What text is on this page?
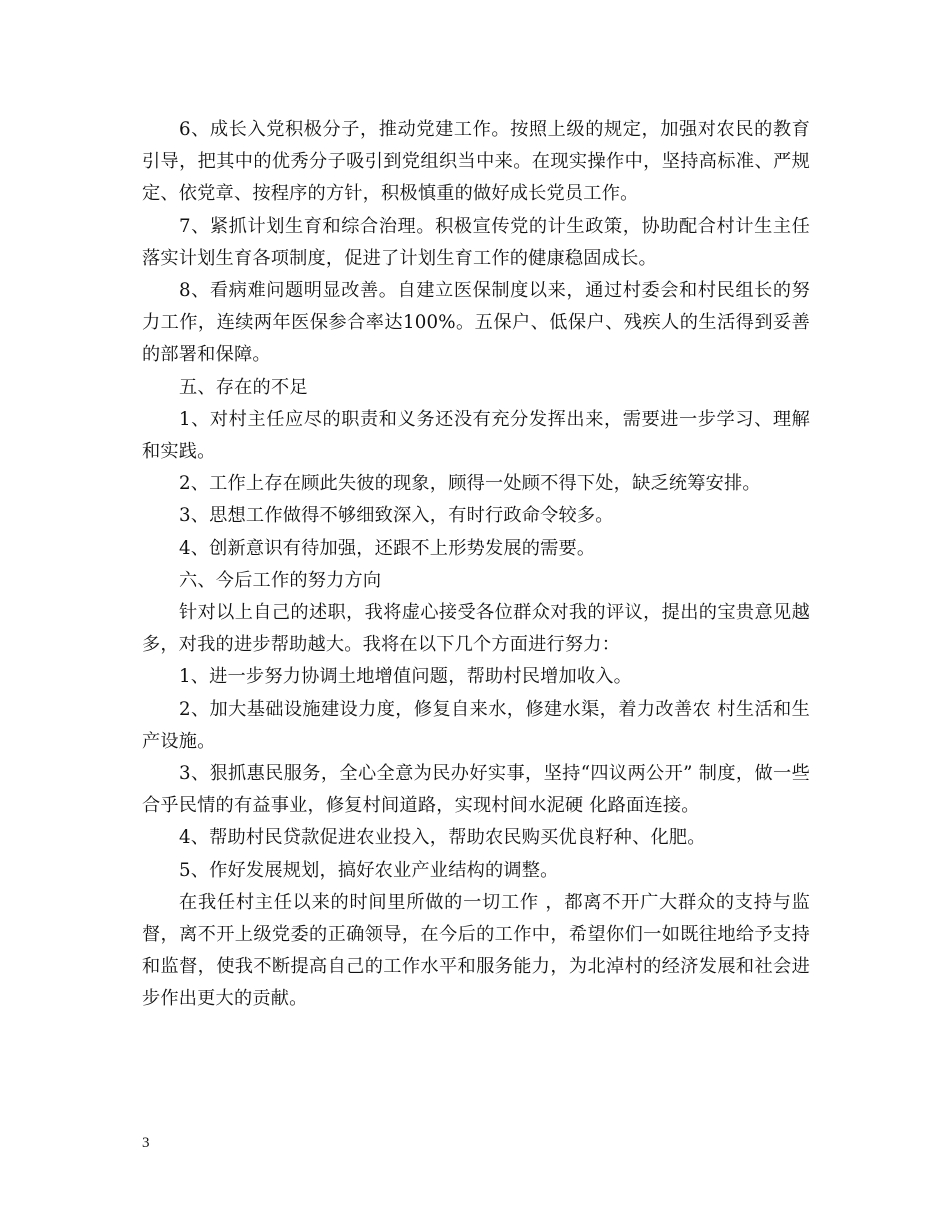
6、成长入党积极分子，推动党建工作。按照上级的规定，加强对农民的教育引导，把其中的优秀分子吸引到党组织当中来。在现实操作中，坚持高标准、严规定、依党章、按程序的方针，积极慎重的做好成长党员工作。

7、紧抓计划生育和综合治理。积极宣传党的计生政策，协助配合村计生主任落实计划生育各项制度，促进了计划生育工作的健康稳固成长。

8、看病难问题明显改善。自建立医保制度以来，通过村委会和村民组长的努力工作，连续两年医保参合率达100%。五保户、低保户、残疾人的生活得到妥善的部署和保障。

五、存在的不足

1、对村主任应尽的职责和义务还没有充分发挥出来，需要进一步学习、理解和实践。

2、工作上存在顾此失彼的现象，顾得一处顾不得下处，缺乏统筹安排。

3、思想工作做得不够细致深入，有时行政命令较多。

4、创新意识有待加强，还跟不上形势发展的需要。

六、今后工作的努力方向

针对以上自己的述职，我将虚心接受各位群众对我的评议，提出的宝贵意见越多，对我的进步帮助越大。我将在以下几个方面进行努力：

1、进一步努力协调土地增值问题，帮助村民增加收入。

2、加大基础设施建设力度，修复自来水，修建水渠，着力改善农 村生活和生产设施。

3、狠抓惠民服务，全心全意为民办好实事，坚持“四议两公开” 制度，做一些合乎民情的有益事业，修复村间道路，实现村间水泥硬 化路面连接。

4、帮助村民贷款促进农业投入，帮助农民购买优良籽种、化肥。

5、作好发展规划，搞好农业产业结构的调整。

在我任村主任以来的时间里所做的一切工作 ，都离不开广大群众的支持与监督，离不开上级党委的正确领导，在今后的工作中，希望你们一如既往地给予支持和监督，使我不断提高自己的工作水平和服务能力，为北淖村的经济发展和社会进步作出更大的贡献。

3
